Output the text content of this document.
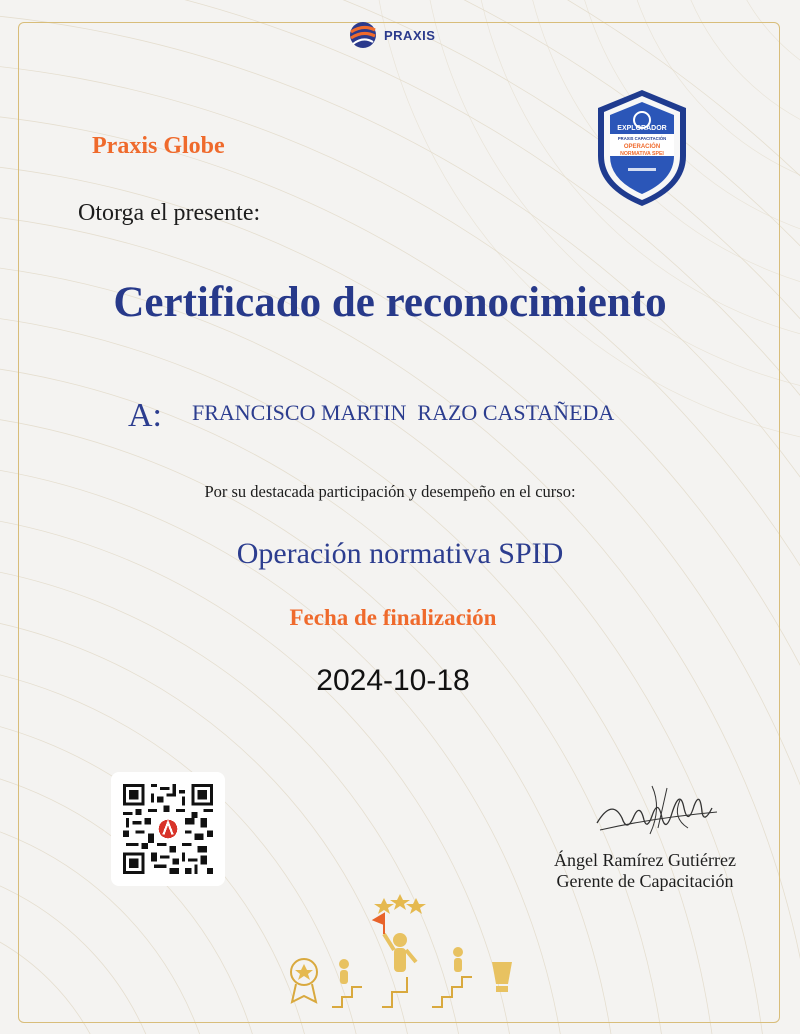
PRAXIS
Praxis Globe
Otorga el presente:
Certificado de reconocimiento
A: FRANCISCO MARTIN  RAZO CASTAÑEDA
Por su destacada participación y desempeño en el curso:
Operación normativa SPID
Fecha de finalización
2024-10-18
EXPLORADOR
PRAXIS CAPACITACIÓN
OPERACIÓN
NORMATIVA SPEI
Ángel Ramírez Gutiérrez
Gerente de Capacitación
